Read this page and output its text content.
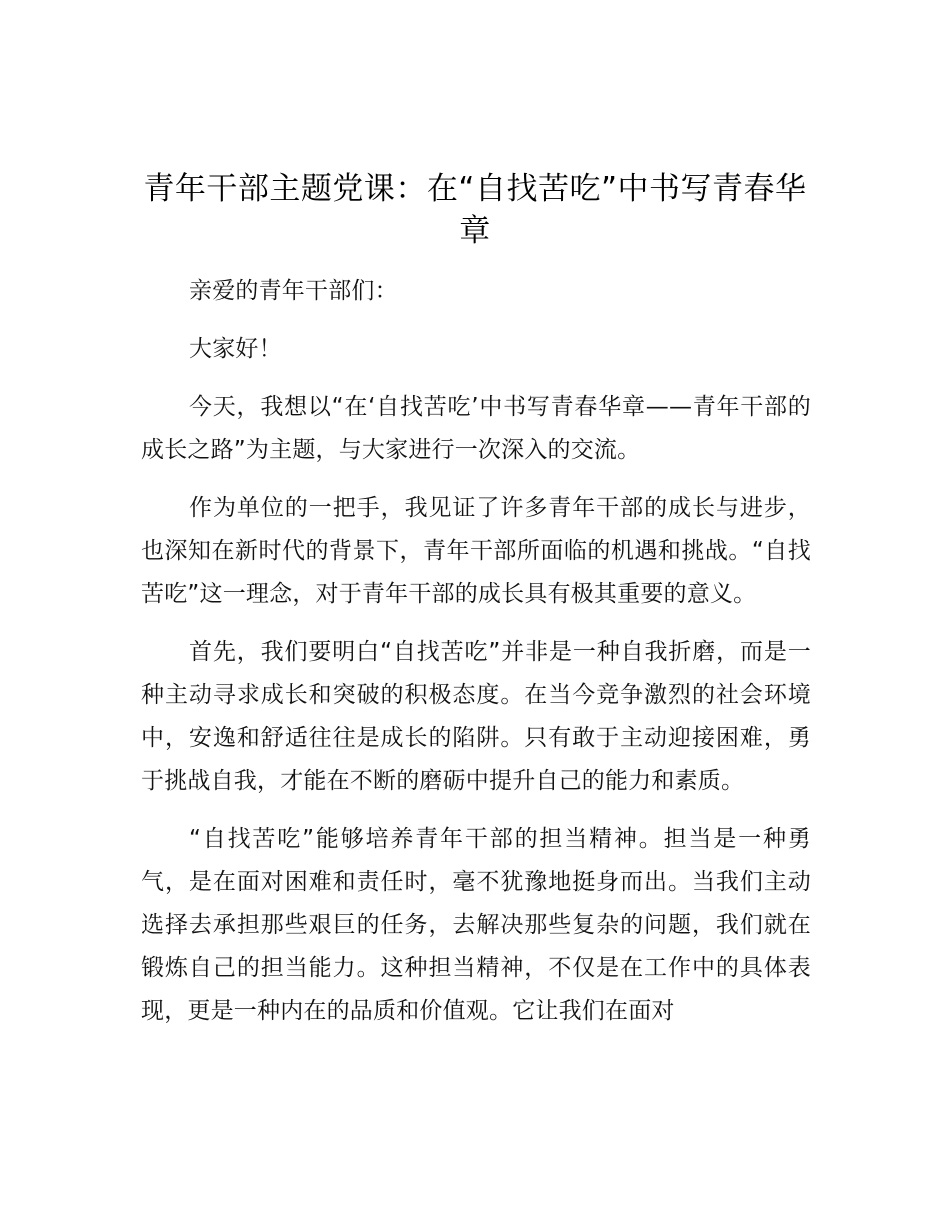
青年干部主题党课：在“自找苦吃”中书写青春华章

亲爱的青年干部们：

大家好！

今天，我想以“在‘自找苦吃’中书写青春华章——青年干部的成长之路”为主题，与大家进行一次深入的交流。

作为单位的一把手，我见证了许多青年干部的成长与进步，也深知在新时代的背景下，青年干部所面临的机遇和挑战。“自找苦吃”这一理念，对于青年干部的成长具有极其重要的意义。

首先，我们要明白“自找苦吃”并非是一种自我折磨，而是一种主动寻求成长和突破的积极态度。在当今竞争激烈的社会环境中，安逸和舒适往往是成长的陷阱。只有敢于主动迎接困难，勇于挑战自我，才能在不断的磨砺中提升自己的能力和素质。

“自找苦吃”能够培养青年干部的担当精神。担当是一种勇气，是在面对困难和责任时，毫不犹豫地挺身而出。当我们主动选择去承担那些艰巨的任务，去解决那些复杂的问题，我们就在锻炼自己的担当能力。这种担当精神，不仅是在工作中的具体表现，更是一种内在的品质和价值观。它让我们在面对
